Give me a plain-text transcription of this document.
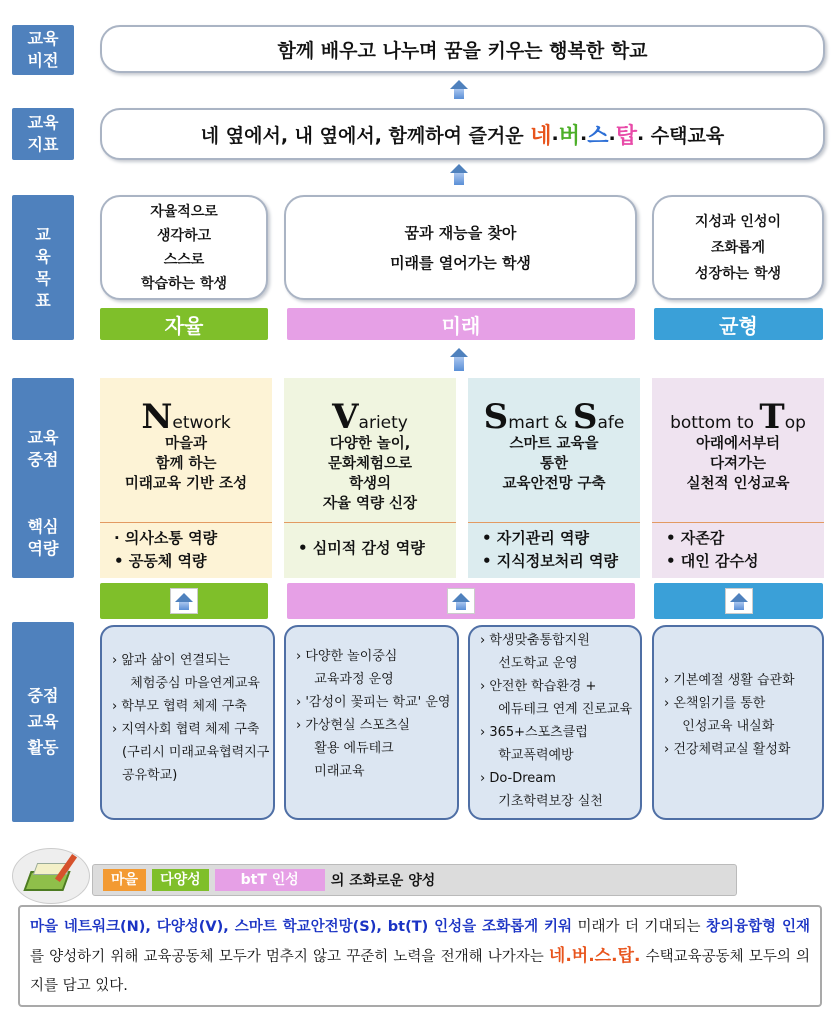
교육
비전
교육
지표
교
육
목
표
교육
중점
핵심
역량
중점
교육
활동
함께 배우고 나누며 꿈을 키우는 행복한 학교
네 옆에서, 내 옆에서, 함께하여 즐거운 네 . 버 . 스 . 탑 . 수택교육
자율적으로
생각하고
스스로
학습하는 학생
꿈과 재능을 찾아
미래를 열어가는 학생
지성과 인성이
조화롭게
성장하는 학생
자율	미래	균형
Network
마을과
함께 하는
미래교육 기반 조성
· 의사소통 역량
• 공동체 역량
Variety
다양한 놀이,
문화체험으로
학생의
자율 역량 신장
• 심미적 감성 역량
Smart & Safe
스마트 교육을
통한
교육안전망 구축
• 자기관리 역량
• 지식정보처리 역량
bottom to Top
아래에서부터
다져가는
실천적 인성교육
• 자존감
• 대인 감수성
› 앎과 삶이 연결되는
체험중심 마을연계교육
› 학부모 협력 체제 구축
› 지역사회 협력 체제 구축
(구리시 미래교육협력지구
공유학교)
› 다양한 놀이중심
교육과정 운영
› '감성이 꽃피는 학교' 운영
› 가상현실 스포츠실
활용 에듀테크
미래교육
› 학생맞춤통합지원
선도학교 운영
› 안전한 학습환경 +
에듀테크 연계 진로교육
› 365+스포츠클럽
학교폭력예방
› Do-Dream
기초학력보장 실천
› 기본예절 생활 습관화
› 온책읽기를 통한
인성교육 내실화
› 건강체력교실 활성화
마을	다양성	btT 인성	의 조화로운 양성
마을 네트워크(N), 다양성(V), 스마트 학교안전망(S), bt(T) 인성을 조화롭게 키워 미래가 더 기대되는 창의융합형 인재를 양성하기 위해 교육공동체 모두가 멈추지 않고 꾸준히 노력을 전개해 나가자는 네.버.스.탑. 수택교육공동체 모두의 의지를 담고 있다.
